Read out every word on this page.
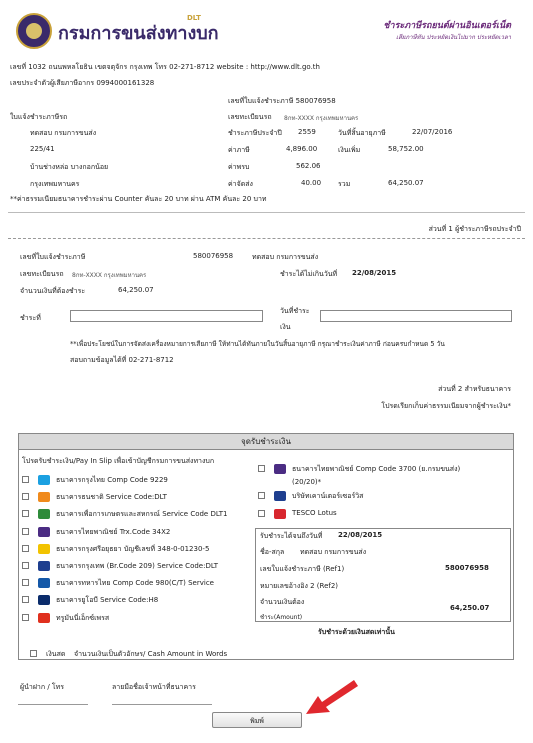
กรมการขนส่งทางบก
DLT
ชำระภาษีรถยนต์ผ่านอินเตอร์เน็ต
เสียภาษีทัน ประหยัดเงินไปมาก ประหยัดเวลา
เลขที่ 1032 ถนนพหลโยธิน เขตจตุจักร กรุงเทพ โทร 02-271-8712 website : http://www.dlt.go.th
เลขประจำตัวผู้เสียภาษีอากร 0994000161328
เลขที่ใบแจ้งชำระภาษี 580076958
ใบแจ้งชำระภาษีรถ	เลขทะเบียนรถ 8กท-XXXX กรุงเทพมหานคร
ทดสอบ กรมการขนส่ง	ชำระภาษีประจำปี 2559	วันที่สิ้นอายุภาษี	22/07/2016
225/41	ค่าภาษี	4,896.00	เงินเพิ่ม	58,752.00
บ้านช่างหล่อ บางกอกน้อย	ค่าพรบ	562.06
กรุงเทพมหานคร	ค่าจัดส่ง	40.00 รวม	64,250.07
**ค่าธรรมเนียมธนาคารชำระผ่าน Counter คันละ 20 บาท ผ่าน ATM คันละ 20 บาท
ส่วนที่ 1 ผู้ชำระภาษีรถประจำปี
เลขที่ใบแจ้งชำระภาษี	580076958	ทดสอบ กรมการขนส่ง
เลขทะเบียนรถ 8กท-XXXX กรุงเทพมหานคร	ชำระได้ไม่เกินวันที่ 22/08/2015
จำนวนเงินที่ต้องชำระ	64,250.07
ชำระที่
วันที่ชำระเงิน
**เพื่อประโยชน์ในการจัดส่งเครื่องหมายการเสียภาษี ให้ท่านได้ทันภายในวันสิ้นอายุภาษี กรุณาชำระเงินค่าภาษี ก่อนครบกำหนด 5 วัน
สอบถามข้อมูลได้ที่ 02-271-8712
ส่วนที่ 2 สำหรับธนาคาร
โปรดเรียกเก็บค่าธรรมเนียมจากผู้ชำระเงิน*
จุดรับชำระเงิน
โปรดรับชำระเงิน/Pay In Slip เพื่อเข้าบัญชีกรมการขนส่งทางบก
ธนาคารกรุงไทย Comp Code 9229
ธนาคารธนชาติ Service Code:DLT
ธนาคารเพื่อการเกษตรและสหกรณ์ Service Code DLT1
ธนาคารไทยพาณิชย์ Trx.Code 34X2
ธนาคารกรุงศรีอยุธยา บัญชีเลขที่ 348-0-01230-5
ธนาคารกรุงเทพ (Br.Code 209) Service Code:DLT
ธนาคารทหารไทย Comp Code 980(C/T) Service
ธนาคารยูโอบี Service Code:H8
ทรูมันนี่เอ็กซ์เพรส
ธนาคารไทยพาณิชย์ Comp Code 3700 (ย.กรมขนส่ง)
(20/20)*
บริษัทเคาน์เตอร์เซอร์วิส
TESCO Lotus
รับชำระได้จนถึงวันที่ 22/08/2015
ชื่อ-สกุล ทดสอบ กรมการขนส่ง
เลขใบแจ้งชำระภาษี (Ref1)	580076958
หมายเลขอ้างอิง 2 (Ref2)
จำนวนเงินต้อง
64,250.07
ชำระ(Amount)
รับชำระด้วยเงินสดเท่านั้น
เงินสด จำนวนเงินเป็นตัวอักษร/ Cash Amount in Words
ผู้นำฝาก / โทร	ลายมือชื่อเจ้าหน้าที่ธนาคาร
พิมพ์
